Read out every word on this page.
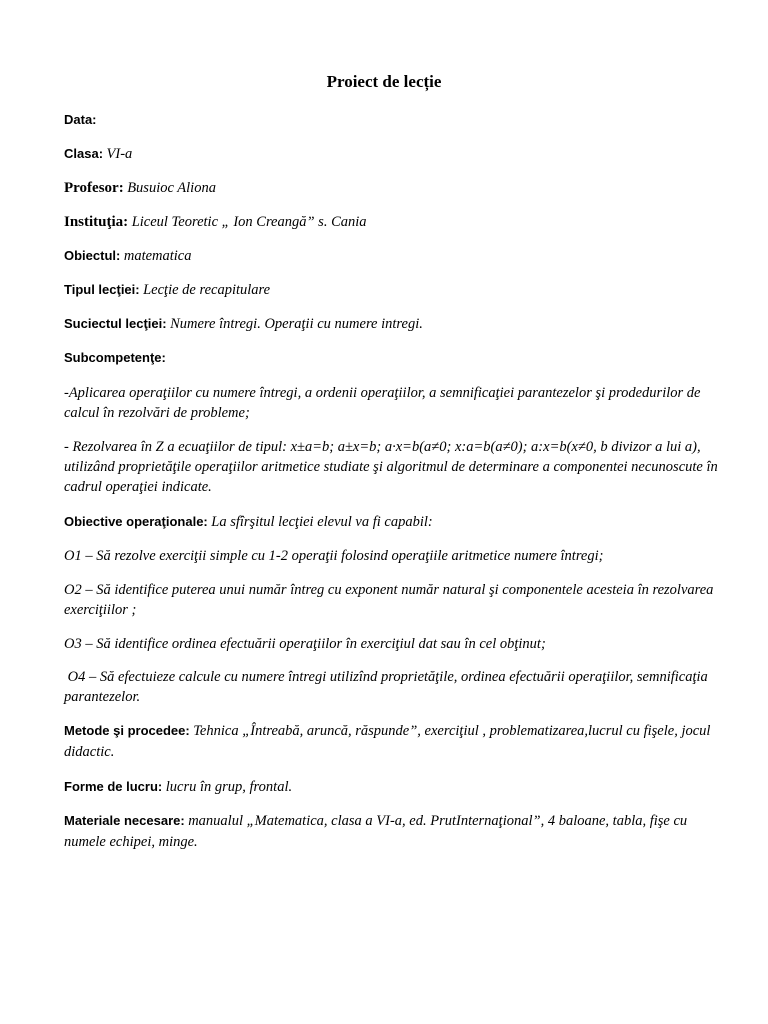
Proiect de lecție
Data:
Clasa: VI-a
Profesor: Busuioc Aliona
Instituţia: Liceul Teoretic „ Ion Creangă” s. Cania
Obiectul: matematica
Tipul lecţiei: Lecţie de recapitulare
Suciectul lecţiei: Numere întregi. Operaţii cu numere intregi.
Subcompetenţe:
-Aplicarea operaţiilor cu numere întregi, a ordenii operaţiilor, a semnificaţiei parantezelor şi prodedurilor de calcul în rezolvări de probleme;
- Rezolvarea în Z a ecuaţiilor de tipul: x±a=b; a±x=b; a·x=b(a≠0; x:a=b(a≠0); a:x=b(x≠0, b divizor a lui a), utilizând proprietăţile operaţiilor aritmetice studiate şi algoritmul de determinare a componentei necunoscute în cadrul operaţiei indicate.
Obiective operaţionale: La sfîrşitul lecţiei elevul va fi capabil:
O1 – Să rezolve exerciţii simple cu 1-2 operaţii folosind operaţiile aritmetice numere întregi;
O2 – Să identifice puterea unui număr întreg cu exponent număr natural şi componentele acesteia în rezolvarea exerciţiilor ;
O3 – Să identifice ordinea efectuării operaţiilor în exerciţiul dat sau în cel obţinut;
O4 – Să efectuieze calcule cu numere întregi utilizînd proprietăţile, ordinea efectuării operaţiilor, semnificaţia parantezelor.
Metode şi procedee: Tehnica „Întreabă, aruncă, răspunde”, exerciţiul , problematizarea,lucrul cu fişele, jocul didactic.
Forme de lucru: lucru în grup, frontal.
Materiale necesare: manualul „Matematica, clasa a VI-a, ed. PrutInternaţional”, 4 baloane, tabla, fişe cu numele echipei, minge.
